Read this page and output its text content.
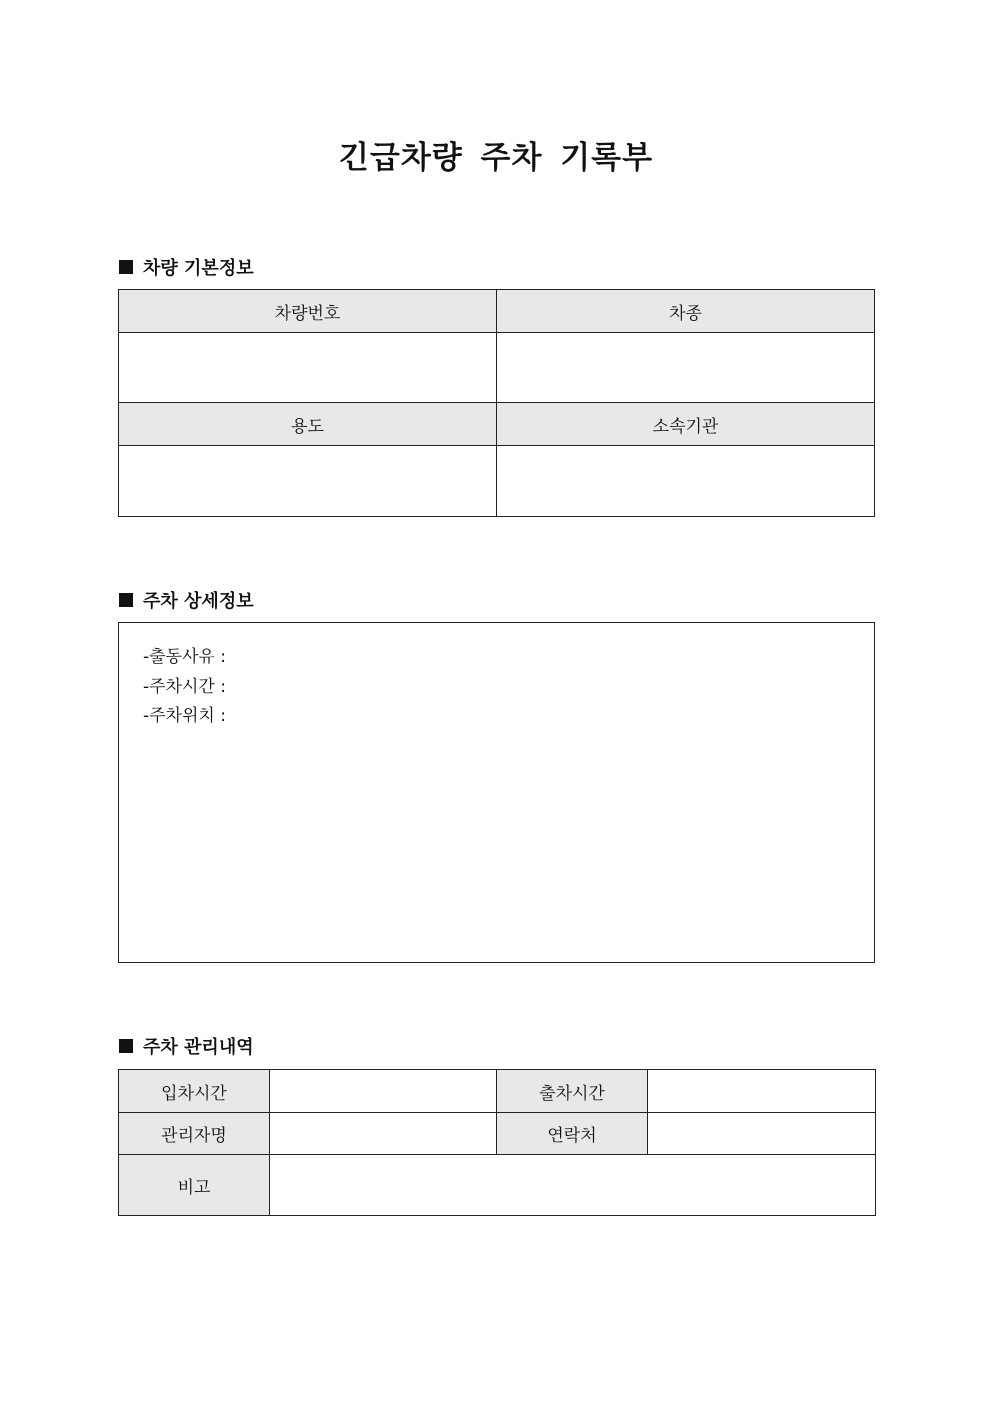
긴급차량 주차 기록부
차량 기본정보
차량번호	차종

용도	소속기관

주차 상세정보
-출동사유 :
-주차시간 :
-주차위치 :
주차 관리내역
입차시간		출차시간	
관리자명		연락처	
비고			
